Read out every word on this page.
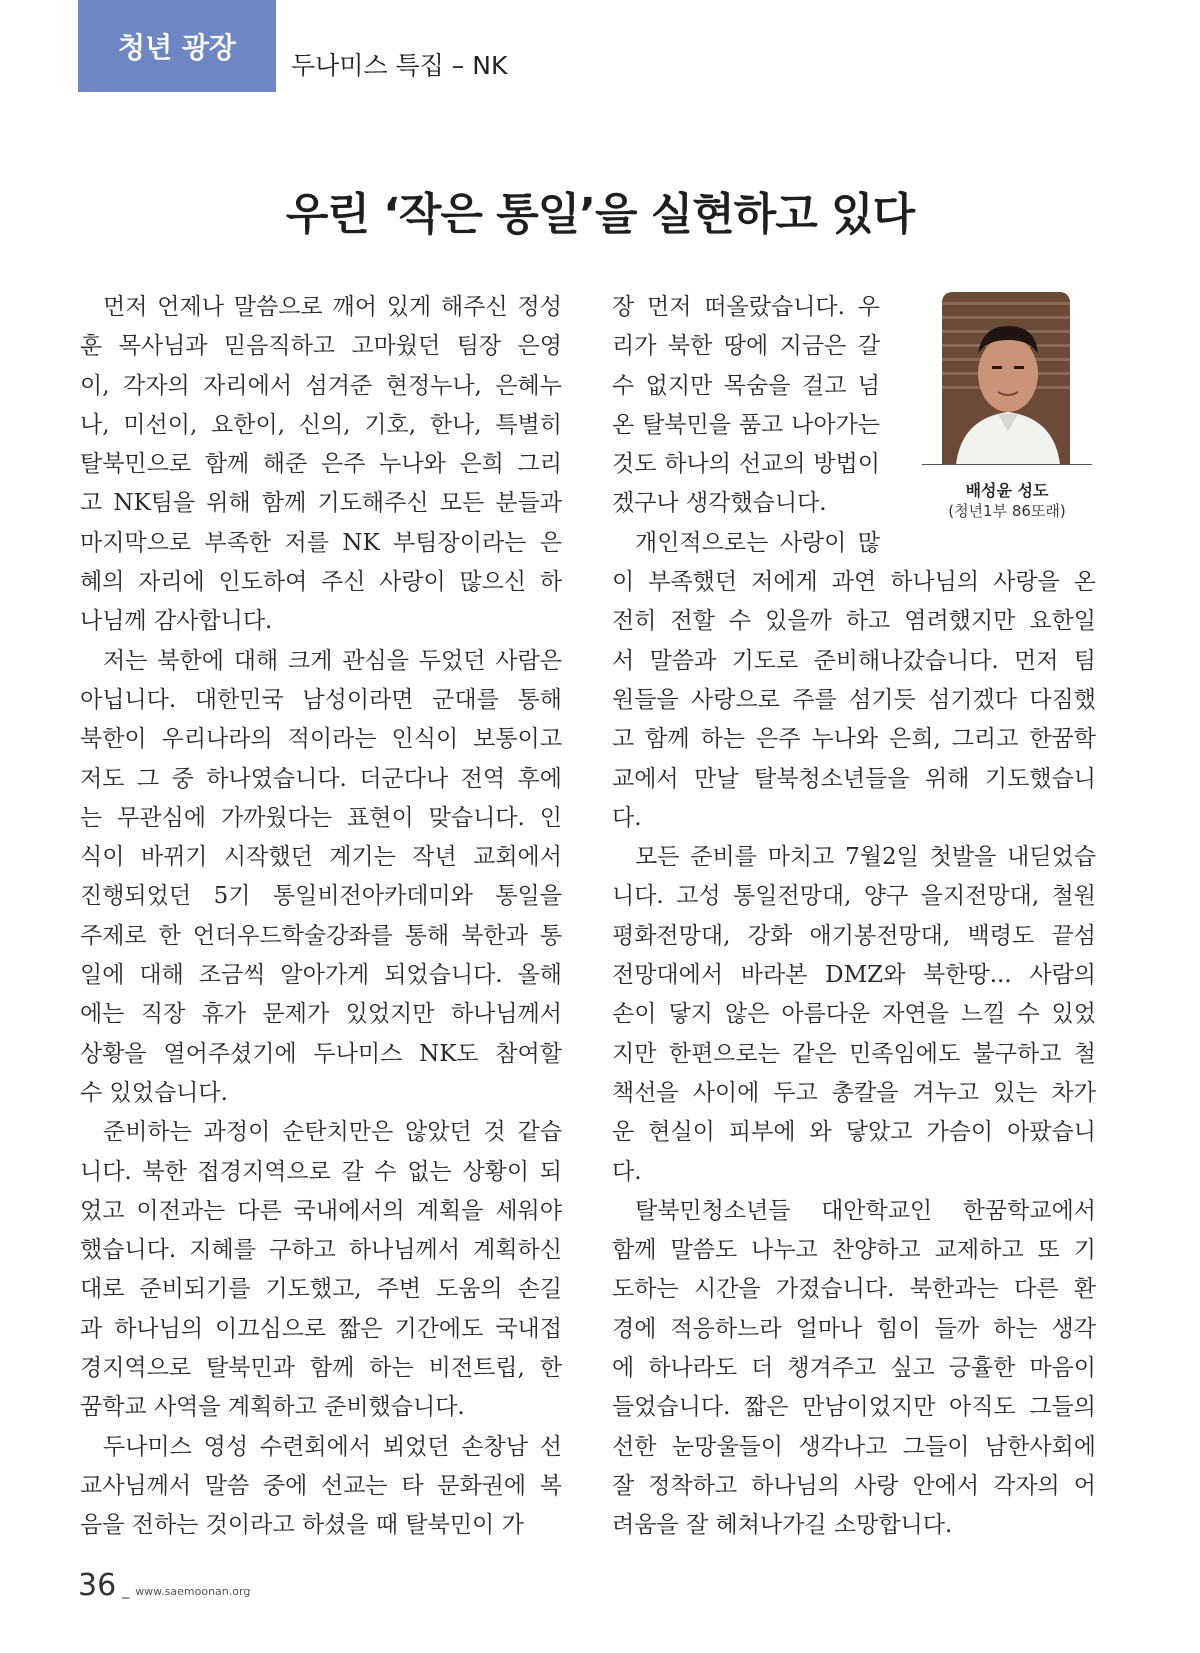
청년 광장
두나미스 특집 – NK
우린 ‘작은 통일’을 실현하고 있다
먼저 언제나 말씀으로 깨어 있게 해주신 정성
훈 목사님과 믿음직하고 고마웠던 팀장 은영
이, 각자의 자리에서 섬겨준 현정누나, 은혜누
나, 미선이, 요한이, 신의, 기호, 한나, 특별히
탈북민으로 함께 해준 은주 누나와 은희 그리
고 NK팀을 위해 함께 기도해주신 모든 분들과
마지막으로 부족한 저를 NK 부팀장이라는 은
혜의 자리에 인도하여 주신 사랑이 많으신 하
나님께 감사합니다.
저는 북한에 대해 크게 관심을 두었던 사람은
아닙니다. 대한민국 남성이라면 군대를 통해
북한이 우리나라의 적이라는 인식이 보통이고
저도 그 중 하나였습니다. 더군다나 전역 후에
는 무관심에 가까웠다는 표현이 맞습니다. 인
식이 바뀌기 시작했던 계기는 작년 교회에서
진행되었던 5기 통일비전아카데미와 통일을
주제로 한 언더우드학술강좌를 통해 북한과 통
일에 대해 조금씩 알아가게 되었습니다. 올해
에는 직장 휴가 문제가 있었지만 하나님께서
상황을 열어주셨기에 두나미스 NK도 참여할
수 있었습니다.
준비하는 과정이 순탄치만은 않았던 것 같습
니다. 북한 접경지역으로 갈 수 없는 상황이 되
었고 이전과는 다른 국내에서의 계획을 세워야
했습니다. 지혜를 구하고 하나님께서 계획하신
대로 준비되기를 기도했고, 주변 도움의 손길
과 하나님의 이끄심으로 짧은 기간에도 국내접
경지역으로 탈북민과 함께 하는 비전트립, 한
꿈학교 사역을 계획하고 준비했습니다.
두나미스 영성 수련회에서 뵈었던 손창남 선
교사님께서 말씀 중에 선교는 타 문화권에 복
음을 전하는 것이라고 하셨을 때 탈북민이 가
장 먼저 떠올랐습니다. 우
리가 북한 땅에 지금은 갈
수 없지만 목숨을 걸고 넘
온 탈북민을 품고 나아가는
것도 하나의 선교의 방법이
겠구나 생각했습니다.
개인적으로는 사랑이 많
이 부족했던 저에게 과연 하나님의 사랑을 온
전히 전할 수 있을까 하고 염려했지만 요한일
서 말씀과 기도로 준비해나갔습니다. 먼저 팀
원들을 사랑으로 주를 섬기듯 섬기겠다 다짐했
고 함께 하는 은주 누나와 은희, 그리고 한꿈학
교에서 만날 탈북청소년들을 위해 기도했습니
다.
모든 준비를 마치고 7월2일 첫발을 내딛었습
니다. 고성 통일전망대, 양구 을지전망대, 철원
평화전망대, 강화 애기봉전망대, 백령도 끝섬
전망대에서 바라본 DMZ와 북한땅... 사람의
손이 닿지 않은 아름다운 자연을 느낄 수 있었
지만 한편으로는 같은 민족임에도 불구하고 철
책선을 사이에 두고 총칼을 겨누고 있는 차가
운 현실이 피부에 와 닿았고 가슴이 아팠습니
다.
탈북민청소년들 대안학교인 한꿈학교에서
함께 말씀도 나누고 찬양하고 교제하고 또 기
도하는 시간을 가졌습니다. 북한과는 다른 환
경에 적응하느라 얼마나 힘이 들까 하는 생각
에 하나라도 더 챙겨주고 싶고 긍휼한 마음이
들었습니다. 짧은 만남이었지만 아직도 그들의
선한 눈망울들이 생각나고 그들이 남한사회에
잘 정착하고 하나님의 사랑 안에서 각자의 어
려움을 잘 헤쳐나가길 소망합니다.
배성윤 성도
(청년1부 86또래)
36 _ www.saemoonan.org
